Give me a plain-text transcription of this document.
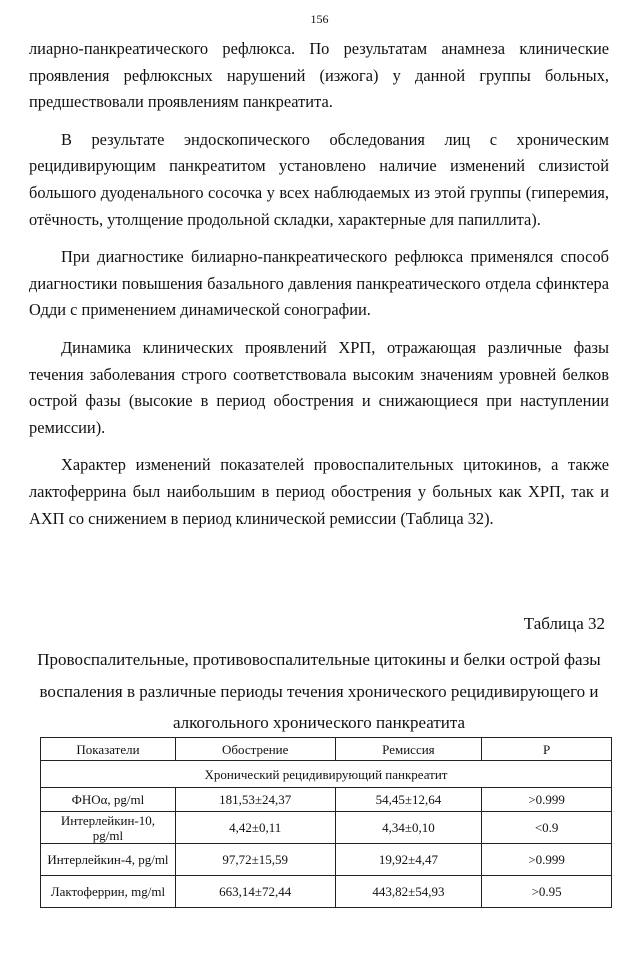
156

лиарно-панкреатического рефлюкса. По результатам анамнеза клинические проявления рефлюксных нарушений (изжога) у данной группы больных, предшествовали проявлениям панкреатита.

В результате эндоскопического обследования лиц с хроническим рецидивирующим панкреатитом установлено наличие изменений слизистой большого дуоденального сосочка у всех наблюдаемых из этой группы (гиперемия, отёчность, утолщение продольной складки, характерные для папиллита).

При диагностике билиарно-панкреатического рефлюкса применялся способ диагностики повышения базального давления панкреатического отдела сфинктера Одди с применением динамической сонографии.

Динамика клинических проявлений ХРП, отражающая различные фазы течения заболевания строго соответствовала высоким значениям уровней белков острой фазы (высокие в период обострения и снижающиеся при наступлении ремиссии).

Характер изменений показателей провоспалительных цитокинов, а также лактоферрина был наибольшим в период обострения у больных как ХРП, так и АХП со снижением в период клинической ремиссии (Таблица 32).

Таблица 32
Провоспалительные, противовоспалительные цитокины и белки острой фазы воспаления в различные периоды течения хронического рецидивирующего и алкогольного хронического панкреатита
Показатели	Обострение	Ремиссия	P
Хронический рецидивирующий панкреатит			
ФНОα, pg/ml	181,53±24,37	54,45±12,64	>0.999
Интерлейкин-10, pg/ml	4,42±0,11	4,34±0,10	<0.9
Интерлейкин-4, pg/ml	97,72±15,59	19,92±4,47	>0.999
Лактоферрин, mg/ml	663,14±72,44	443,82±54,93	>0.95
